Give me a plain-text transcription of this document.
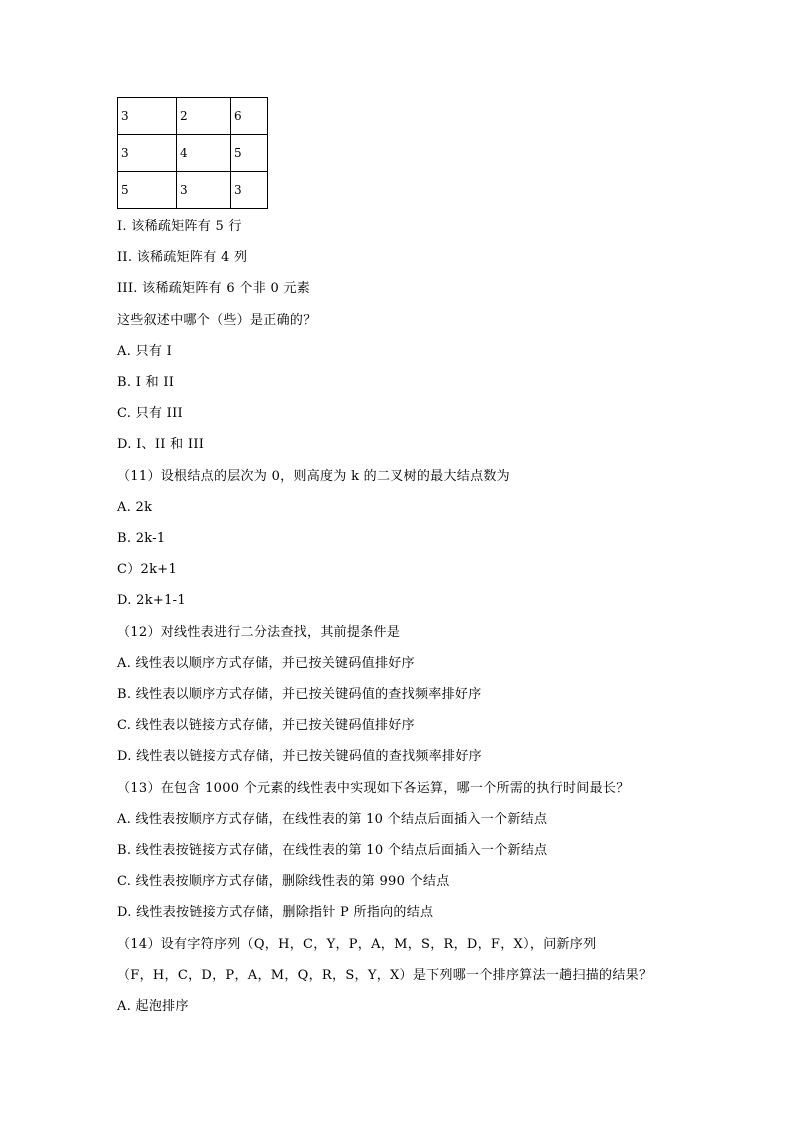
3	2	6
3	4	5
5	3	3
I. 该稀疏矩阵有 5 行
II. 该稀疏矩阵有 4 列
III. 该稀疏矩阵有 6 个非 0 元素
这些叙述中哪个（些）是正确的？
A. 只有 I
B. I 和 II
C. 只有 III
D. I、II 和 III
（11）设根结点的层次为 0，则高度为 k 的二叉树的最大结点数为
A. 2k
B. 2k-1
C）2k+1
D. 2k+1-1
（12）对线性表进行二分法查找，其前提条件是
A. 线性表以顺序方式存储，并已按关键码值排好序
B. 线性表以顺序方式存储，并已按关键码值的查找频率排好序
C. 线性表以链接方式存储，并已按关键码值排好序
D. 线性表以链接方式存储，并已按关键码值的查找频率排好序
（13）在包含 1000 个元素的线性表中实现如下各运算，哪一个所需的执行时间最长？
A. 线性表按顺序方式存储，在线性表的第 10 个结点后面插入一个新结点
B. 线性表按链接方式存储，在线性表的第 10 个结点后面插入一个新结点
C. 线性表按顺序方式存储，删除线性表的第 990 个结点
D. 线性表按链接方式存储，删除指针 P 所指向的结点
（14）设有字符序列（Q，H，C，Y，P，A，M，S，R，D，F，X），问新序列
（F，H，C，D，P，A，M，Q，R，S，Y，X）是下列哪一个排序算法一趟扫描的结果？
A. 起泡排序
